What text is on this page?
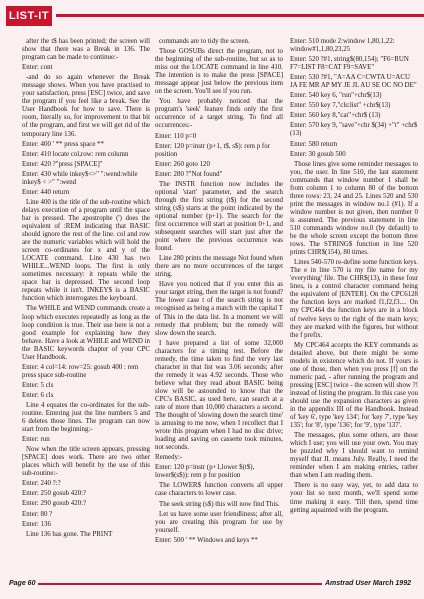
LIST-IT

after the t$ has been printed; the screen will show that there was a Break in 136. The program can be made to continue:-

Enter: cont

-and do so again whenever the Break message shows. When you have practised to your satisfaction, press [ESC] twice, and save the program if you feel like a break. See the User Handbook for how to save. There is room, literally so, for improvement to that bit of the program, and first we will get rid of the temporary line 136.

Enter: 400 ' ** press space **

Enter: 410 locate col,row: rem column

Enter: 420 ?"press [SPACE]"

Enter: 430 while inkey$<>" ":wend:while inkey$ < >" ":wend

Enter: 440 return

Line 400 is the title of the sub-routine which delays execution of a program until the space bar is pressed. The apostrophe (') does the equivalent of :REM indicating that BASIC should ignore the rest of the line. col and row are the numeric variables which will hold the screen co-ordinates for x and y of the LOCATE command. Line 430 has two WHILE...WEND loops. The first is only sometimes necessary: it repeats while the space bar is depressed. The second loop repeats while it isn't. INKEY$ is a BASIC function which interrogates the keyboard.

The WHILE and WEND commands create a loop which executes repeatedly as long as the loop condition is true. Their use here is not a good example for explaining how they behave. Have a look at WHILE and WEND in the BASIC keywords chapter of your CPC User Handbook.

Enter: 4 col=14: row=25: gosub 400 : rem press space sub-routine

Enter: 5 cls

Enter: 6 cls

Line 4 equates the co-ordinates for the sub-routine. Entering just the line numbers 5 and 6 deletes those lines. The program can now start from the beginning:-

Enter: run

Now when the title screen appears, pressing [SPACE] does work. There are two other places which will benefit by the use of this sub-routine:-

Enter: 240 ?:?

Enter: 250 gosub 420:?

Enter: 290 gosub 420:?

Enter: 80 ?

Enter: 136

Line 136 has gone. The PRINT

commands are to tidy the screen.

Those GOSUBs direct the program, not to the beginning of the sub-routine, but so as to miss out the LOCATE command in line 410. The intention is to make the press [SPACE] message appear just below the previous item on the screen. You'll see if you run.

You have probably noticed that the program's 'seek' feature finds only the first occurrence of a target string. To find all occurrences:-

Enter: 110 p=0

Enter: 120 p=instr (p+1, t$, s$): rem p for position

Enter: 260 goto 120

Enter: 280 ?"Not found"

The INSTR function now includes the optional 'start' parameter, and the search through the first string (t$) for the second string (s$) starts at the point indicated by the optional number (p+1). The search for the first occurrence will start at position 0+1, and subsequent searches will start just after the point where the previous occurrence was found.

Line 280 prints the message Not found when there are no more occurrences of the target string.

Have you noticed that if you enter this as your target string, then the target is not found? The lower case t of the search string is not recognised as being a match with the capital T of This in the data list. In a moment we will remedy that problem; but the remedy will slow down the search.

I have prepared a list of some 32,000 characters for a timing test. Before the remedy, the time taken to find the very last character in that list was 3.06 seconds; after the remedy it was 4.92 seconds. Those who believe what they read about BASIC being slow will be astounded to know that the CPC's BASIC, as used here, can search at a rate of more than 10,000 characters a second. The thought of 'slowing down the search time' is amusing to me now, when I recollect that I wrote this program when I had no disc drive; loading and saving on cassette took minutes, not seconds.

Remedy:-

Enter: 120 p=instr (p+1,lower $(t$), lower$(s$)): rem p for position

The LOWER$ function converts all upper case characters to lower case.

The seek string (s$) this will now find This.

Let us have some user friendliness; after all, you are creating this program for use by yourself.

Enter: 500 ' ** Windows and keys **

Enter: 510 mode 2:window 1,80,1,22: window#1,1,80,23,25

Enter: 520 ?#1, string$(80,154); "F6=RUN F7=LIST F8=CAT F9=SAVE"

Enter: 530 ?#1, "A=AA C=CWTA U=ACU JA FE MR AP MY JE JL AU SE OC NO DE"

Enter: 540 key 6, "run"+chr$(13)

Enter: 550 key 7,"cls:list" +chr$(13)

Enter: 560 key 8,"cat"+chr$ (13)

Enter: 570 key 9, "save"+chr $(34) +"t" +chr$ (13)

Enter: 580 return

Enter: 30 gosub 500

Those lines give some reminder messages to you, the user. In line 510, the last statement commands that window number 1 shall be from column 1 to column 80 of the bottom three rows: 23, 24 and 25. Lines 520 and 530 print the messages in window no.1 (#1). If a window number is not given, then number 0 is assumed. The previous statement in line 510 commands window no.0 (by default) to be the whole screen except the bottom three rows. The STRING$ function in line 520 prints CHR$(154), 80 times.

Lines 540-570 re-define some function keys. The e in line 570 is my file name for my 'everything' file. The CHR$(13), in these four lines, is a control character command being the equivalent of [ENTER]. On the CPC6128 the function keys are marked f1,f2,f3.... On my CPC464 the function keys are in a block of twelve keys to the right of the main keys; they are marked with the figures, but without the f prefix.

My CPC464 accepts the KEY commands as detailed above, but there might be some models in existence which do not. If yours is one of those, then when you press [f] on the numeric pad, - after running the program and pressing [ESC] twice - the screen will show ?! instead of listing the program. In this case you should use the expansion characters as given in the appendix III of the Handbook. Instead of 'key 6', type 'key 134'; for 'key 7', type 'key 135'; for '8', type '136'; for '9', type '137'.

The messages, plus some others, are those which I use; you will use your own. You may be puzzled why I should want to remind myself that JL means July. Really, I need the reminder when I am making entries, rather than when I am reading them.

There is no easy way, yet, to add data to your list so next month, we'll spend some time making it easy. 'Till then, spend time getting aquainted with the program.

Page 60	Amstrad User March 1992
